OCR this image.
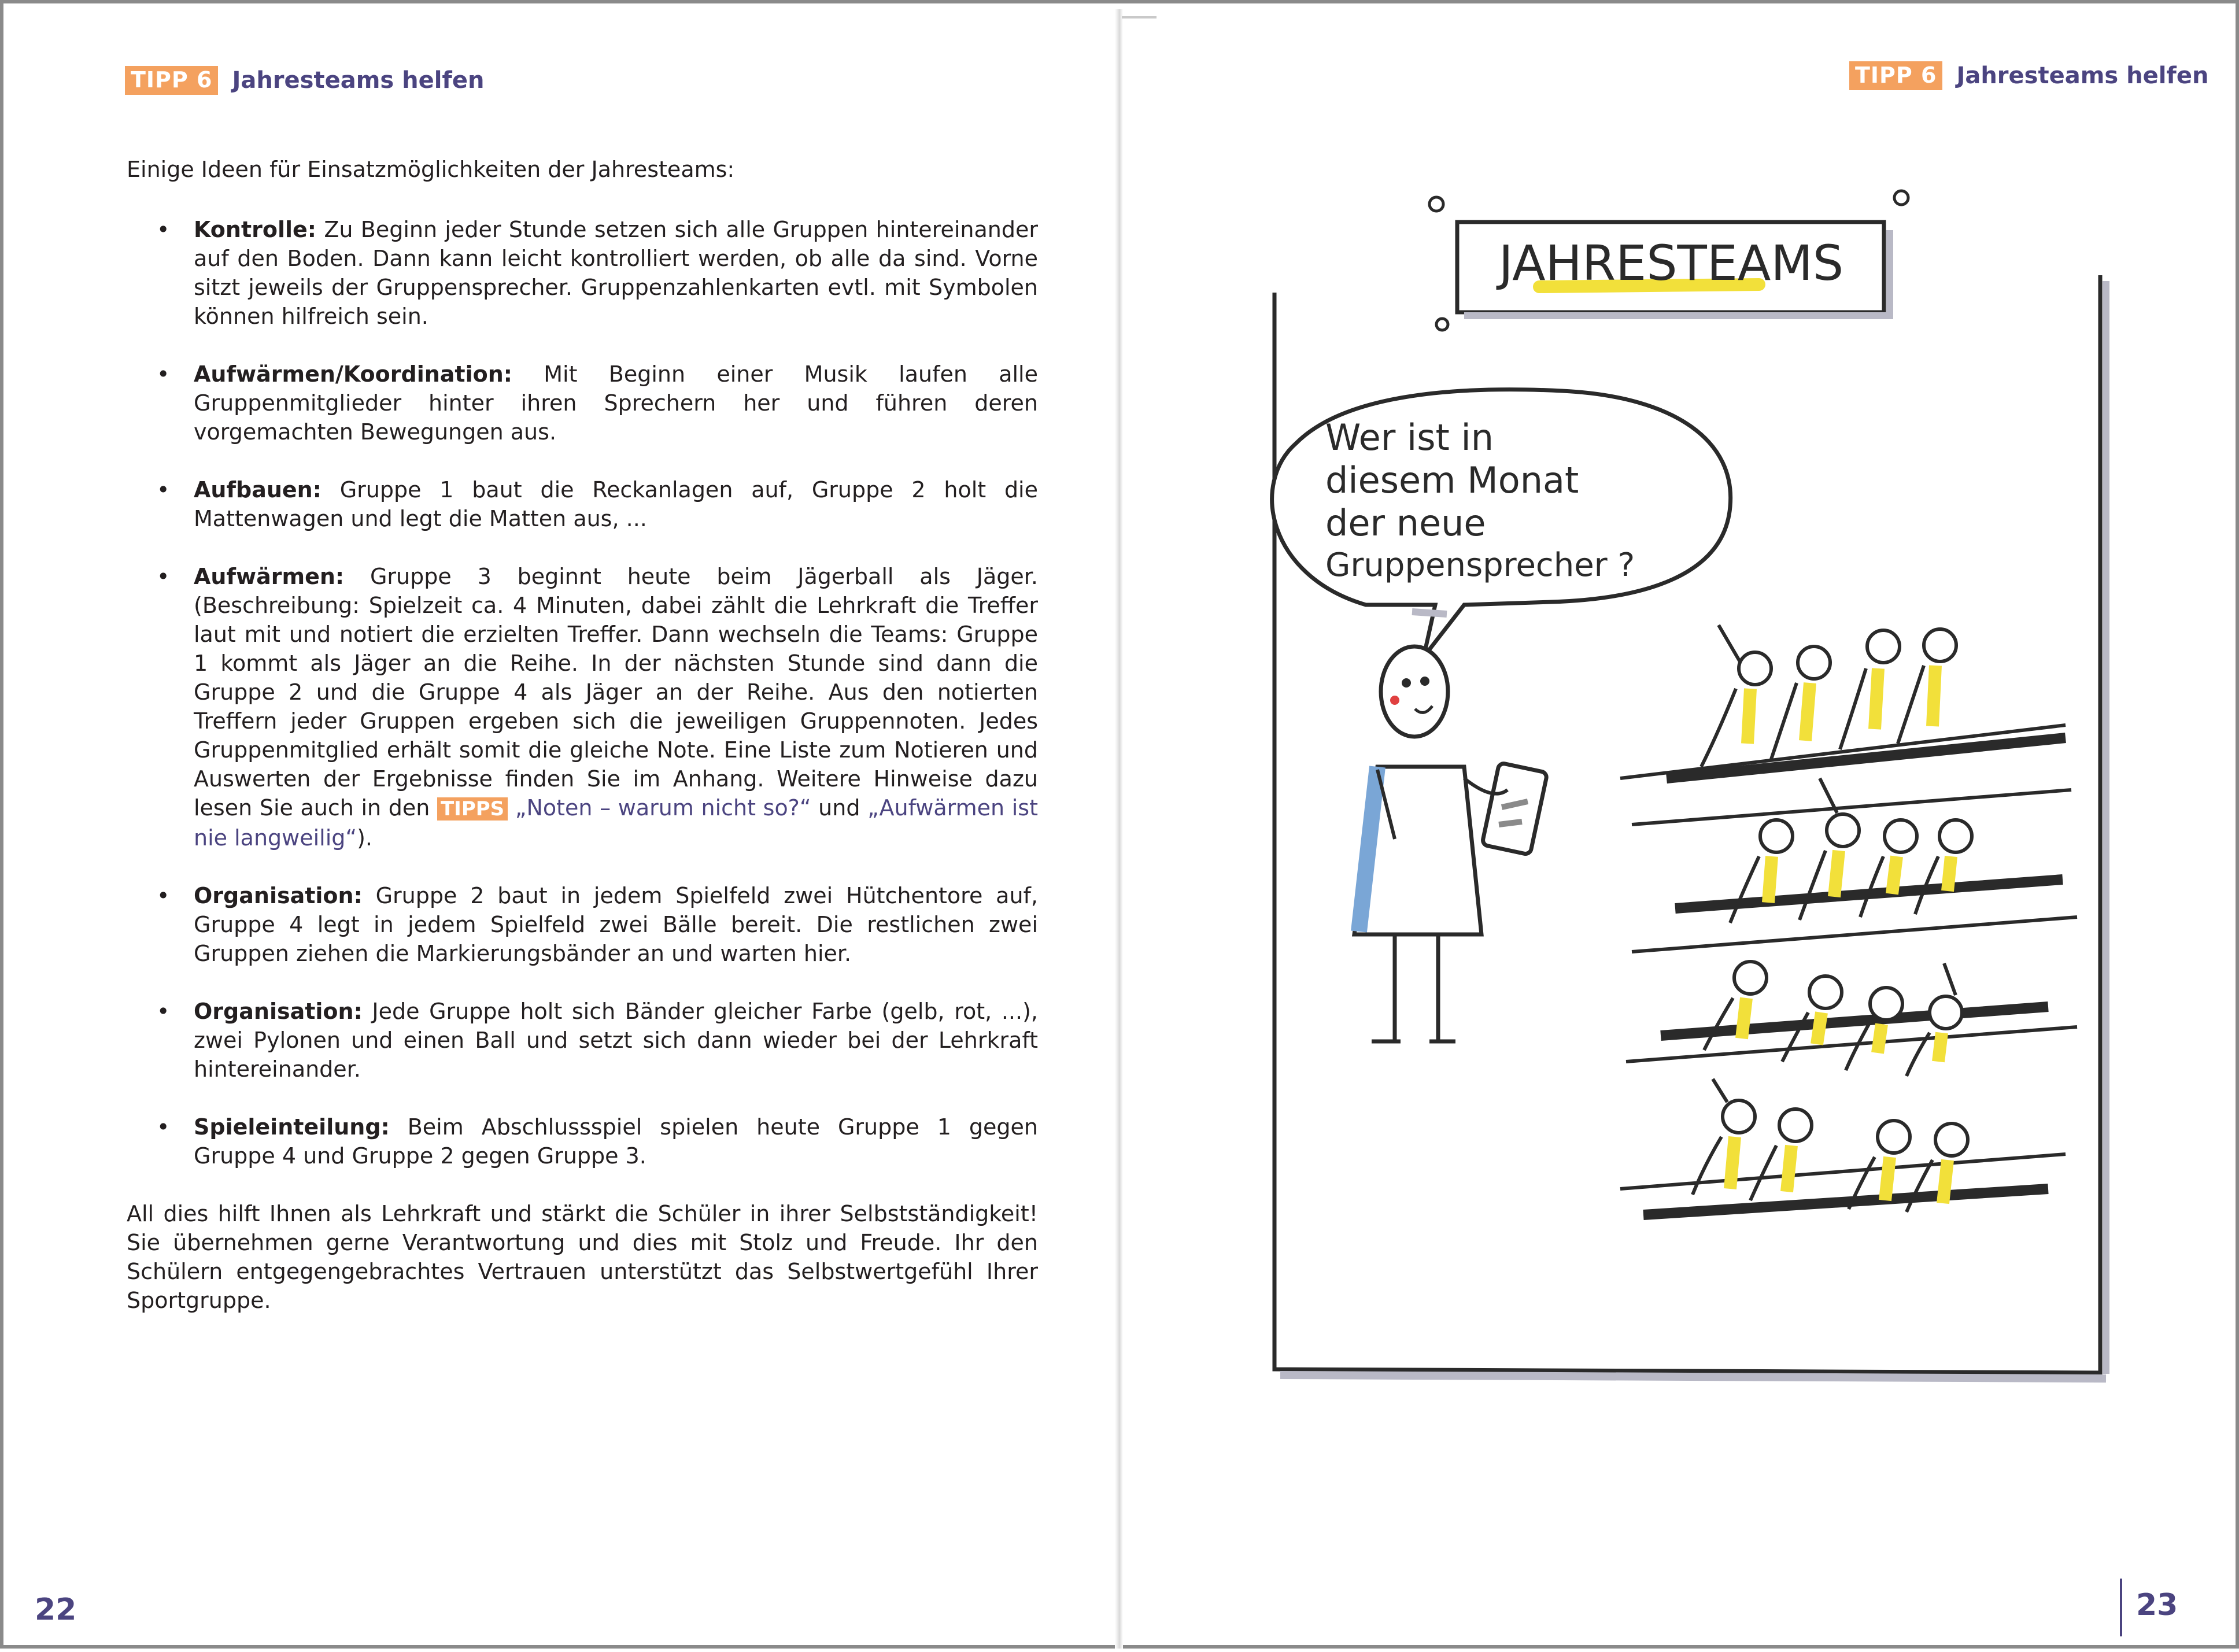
TIPP 6 Jahresteams helfen

Einige Ideen für Einsatzmöglichkeiten der Jahresteams:

• Kontrolle: Zu Beginn jeder Stunde setzen sich alle Gruppen hintereinander auf den Boden. Dann kann leicht kontrolliert werden, ob alle da sind. Vorne sitzt jeweils der Gruppensprecher. Gruppenzahlenkarten evtl. mit Symbolen können hilfreich sein.
• Aufwärmen/Koordination: Mit Beginn einer Musik laufen alle Gruppenmitglieder hinter ihren Sprechern her und führen deren vorgemachten Bewegungen aus.
• Aufbauen: Gruppe 1 baut die Reckanlagen auf, Gruppe 2 holt die Mattenwagen und legt die Matten aus, ...
• Aufwärmen: Gruppe 3 beginnt heute beim Jägerball als Jäger. (Beschreibung: Spielzeit ca. 4 Minuten, dabei zählt die Lehrkraft die Treffer laut mit und notiert die erzielten Treffer. Dann wechseln die Teams: Gruppe 1 kommt als Jäger an die Reihe. In der nächsten Stunde sind dann die Gruppe 2 und die Gruppe 4 als Jäger an der Reihe. Aus den notierten Treffern jeder Gruppen ergeben sich die jeweiligen Gruppennoten. Jedes Gruppenmitglied erhält somit die gleiche Note. Eine Liste zum Notieren und Auswerten der Ergebnisse finden Sie im Anhang. Weitere Hinweise dazu lesen Sie auch in den TIPPS „Noten – warum nicht so?“ und „Aufwärmen ist nie langweilig“).
• Organisation: Gruppe 2 baut in jedem Spielfeld zwei Hütchentore auf, Gruppe 4 legt in jedem Spielfeld zwei Bälle bereit. Die restlichen zwei Gruppen ziehen die Markierungsbänder an und warten hier.
• Organisation: Jede Gruppe holt sich Bänder gleicher Farbe (gelb, rot, ...), zwei Pylonen und einen Ball und setzt sich dann wieder bei der Lehrkraft hintereinander.
• Spieleinteilung: Beim Abschlussspiel spielen heute Gruppe 1 gegen Gruppe 4 und Gruppe 2 gegen Gruppe 3.

All dies hilft Ihnen als Lehrkraft und stärkt die Schüler in ihrer Selbstständigkeit! Sie übernehmen gerne Verantwortung und dies mit Stolz und Freude. Ihr den Schülern entgegengebrachtes Vertrauen unterstützt das Selbstwertgefühl Ihrer Sportgruppe.

22
TIPP 6 Jahresteams helfen
JAHRESTEAMS
Wer ist in
diesem Monat
der neue
Gruppensprecher ?
23
